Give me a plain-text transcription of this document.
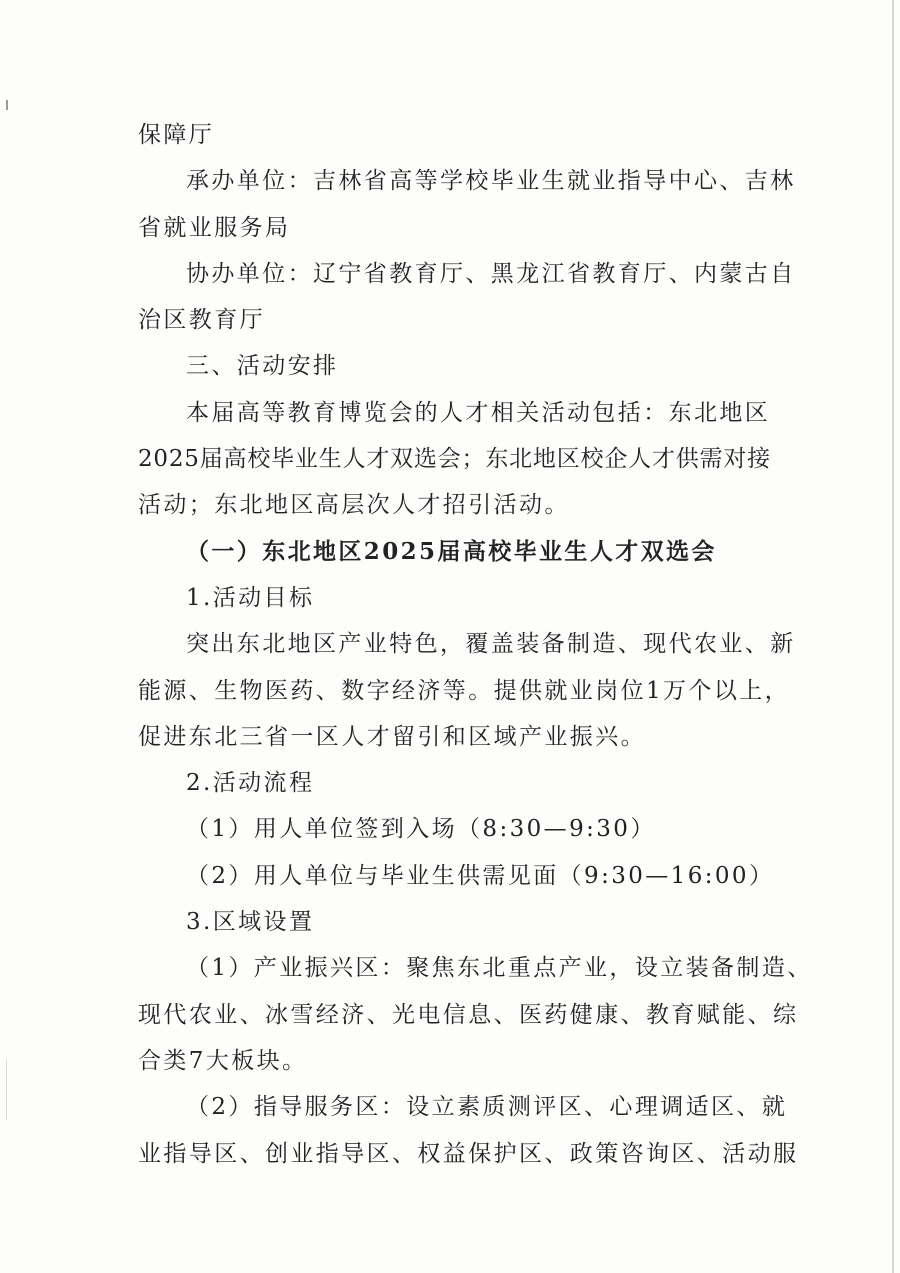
保障厅
承办单位：吉林省高等学校毕业生就业指导中心、吉林
省就业服务局
协办单位：辽宁省教育厅、黑龙江省教育厅、内蒙古自
治区教育厅
三、活动安排
本届高等教育博览会的人才相关活动包括：东北地区
2025届高校毕业生人才双选会；东北地区校企人才供需对接
活动；东北地区高层次人才招引活动。
（一）东北地区2025届高校毕业生人才双选会
1.活动目标
突出东北地区产业特色，覆盖装备制造、现代农业、新
能源、生物医药、数字经济等。提供就业岗位1万个以上，
促进东北三省一区人才留引和区域产业振兴。
2.活动流程
（1）用人单位签到入场（8:30—9:30）
（2）用人单位与毕业生供需见面（9:30—16:00）
3.区域设置
（1）产业振兴区：聚焦东北重点产业，设立装备制造、
现代农业、冰雪经济、光电信息、医药健康、教育赋能、综
合类7大板块。
（2）指导服务区：设立素质测评区、心理调适区、就
业指导区、创业指导区、权益保护区、政策咨询区、活动服
